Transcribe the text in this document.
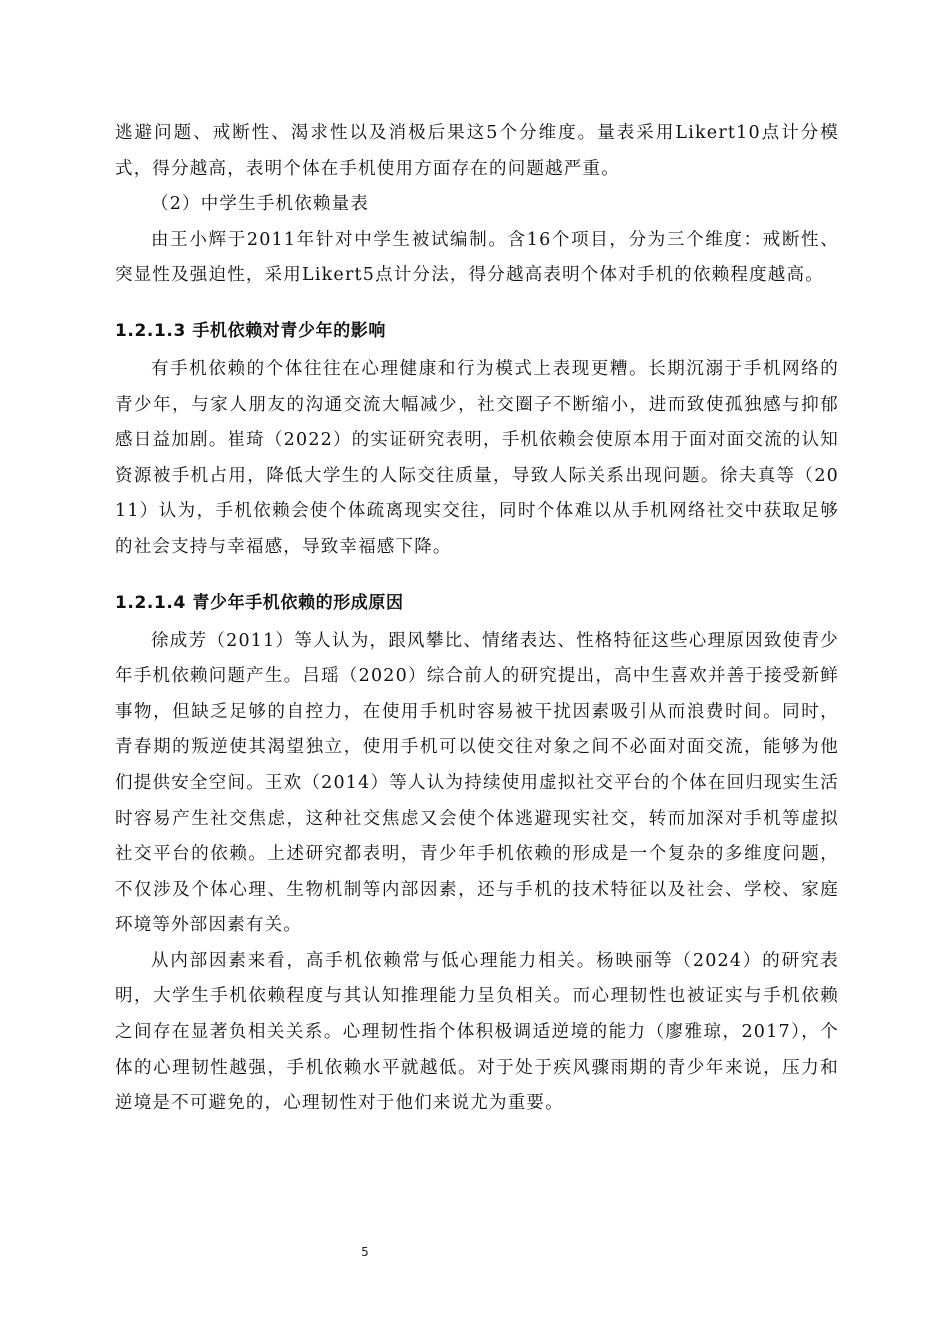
逃避问题、戒断性、渴求性以及消极后果这5个分维度。量表采用Likert10点计分模式，得分越高，表明个体在手机使用方面存在的问题越严重。

（2）中学生手机依赖量表

由王小辉于2011年针对中学生被试编制。含16个项目，分为三个维度：戒断性、突显性及强迫性，采用Likert5点计分法，得分越高表明个体对手机的依赖程度越高。

1.2.1.3 手机依赖对青少年的影响

有手机依赖的个体往往在心理健康和行为模式上表现更糟。长期沉溺于手机网络的青少年，与家人朋友的沟通交流大幅减少，社交圈子不断缩小，进而致使孤独感与抑郁感日益加剧。崔琦（2022）的实证研究表明，手机依赖会使原本用于面对面交流的认知资源被手机占用，降低大学生的人际交往质量，导致人际关系出现问题。徐夫真等（2011）认为，手机依赖会使个体疏离现实交往，同时个体难以从手机网络社交中获取足够的社会支持与幸福感，导致幸福感下降。

1.2.1.4 青少年手机依赖的形成原因

徐成芳（2011）等人认为，跟风攀比、情绪表达、性格特征这些心理原因致使青少年手机依赖问题产生。吕瑶（2020）综合前人的研究提出，高中生喜欢并善于接受新鲜事物，但缺乏足够的自控力，在使用手机时容易被干扰因素吸引从而浪费时间。同时，青春期的叛逆使其渴望独立，使用手机可以使交往对象之间不必面对面交流，能够为他们提供安全空间。王欢（2014）等人认为持续使用虚拟社交平台的个体在回归现实生活时容易产生社交焦虑，这种社交焦虑又会使个体逃避现实社交，转而加深对手机等虚拟社交平台的依赖。上述研究都表明，青少年手机依赖的形成是一个复杂的多维度问题，不仅涉及个体心理、生物机制等内部因素，还与手机的技术特征以及社会、学校、家庭环境等外部因素有关。

从内部因素来看，高手机依赖常与低心理能力相关。杨映丽等（2024）的研究表明，大学生手机依赖程度与其认知推理能力呈负相关。而心理韧性也被证实与手机依赖之间存在显著负相关关系。心理韧性指个体积极调适逆境的能力（廖雅琼，2017），个体的心理韧性越强，手机依赖水平就越低。对于处于疾风骤雨期的青少年来说，压力和逆境是不可避免的，心理韧性对于他们来说尤为重要。

5
